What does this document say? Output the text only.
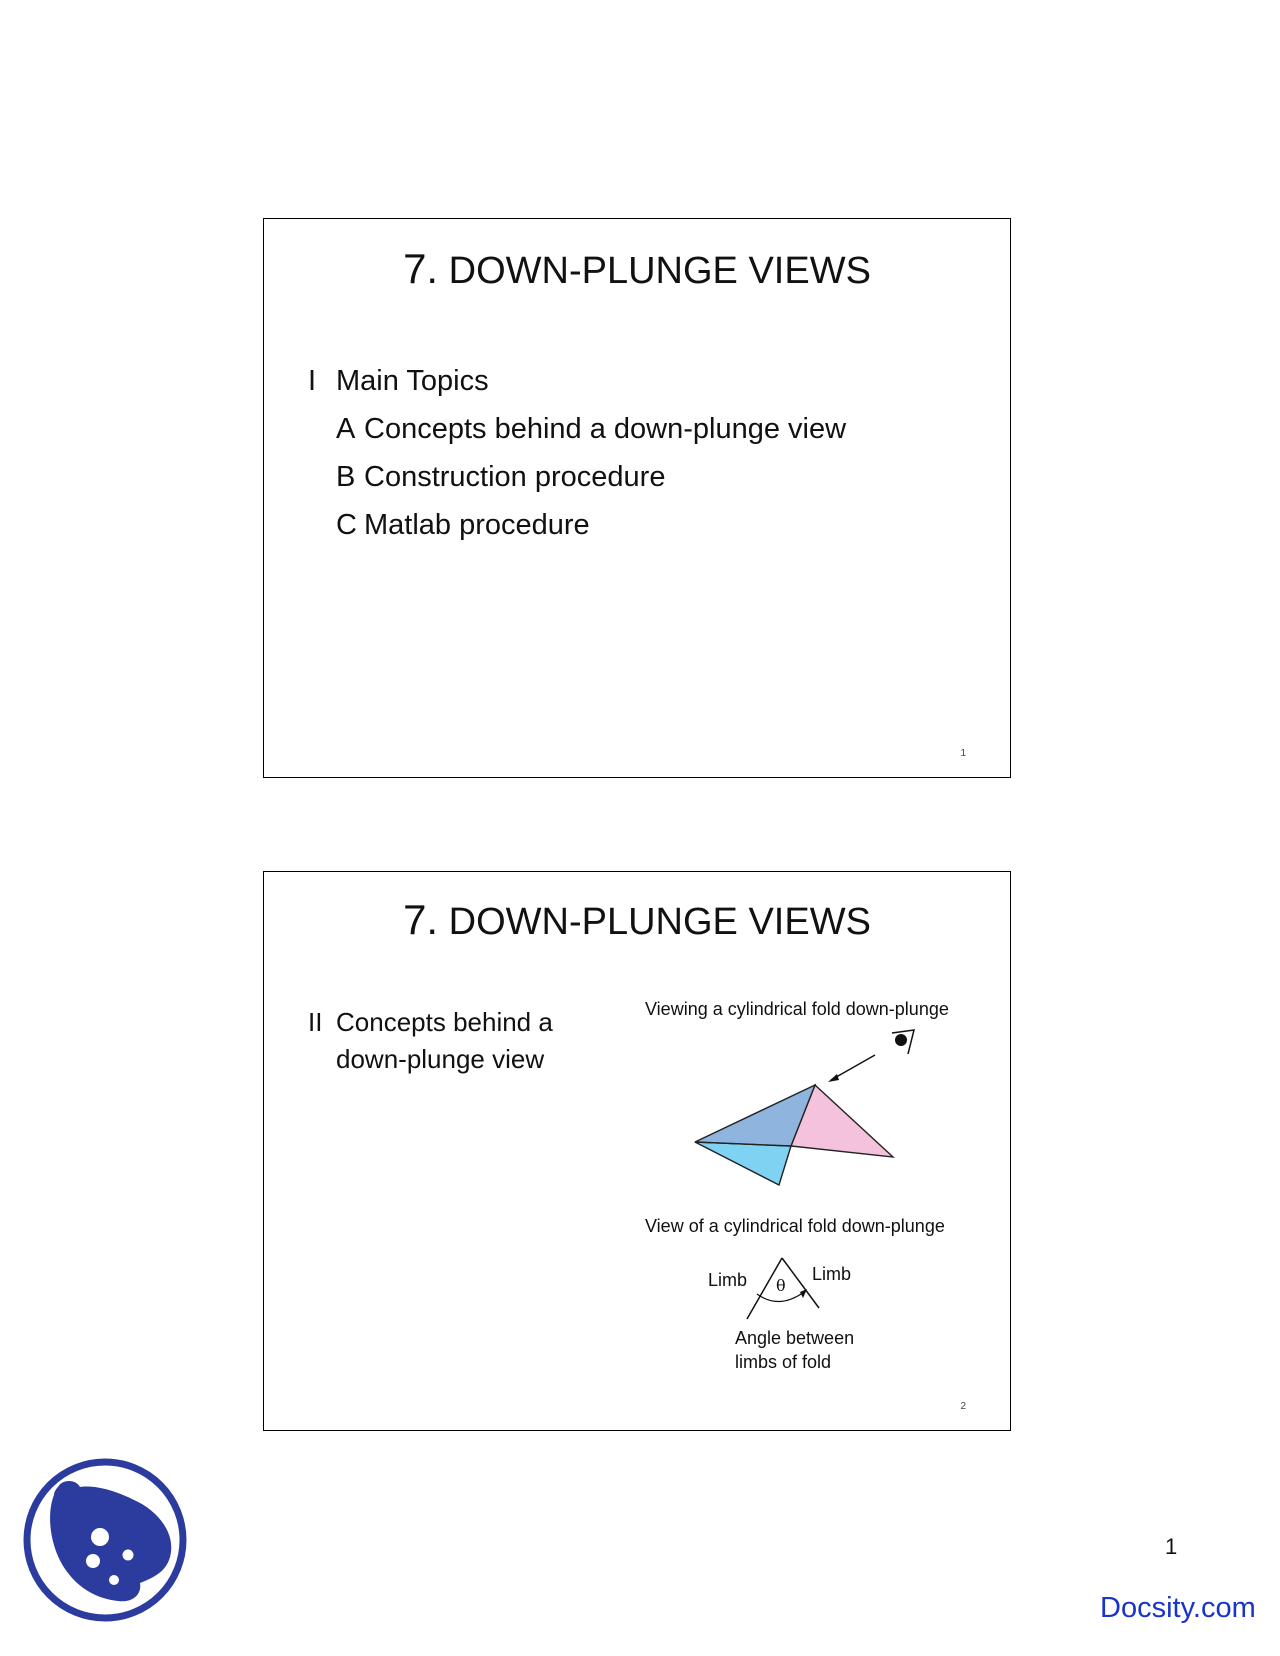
7. DOWN-PLUNGE VIEWS
I Main Topics
A Concepts behind a down-plunge view
B Construction procedure
C Matlab procedure
1
7. DOWN-PLUNGE VIEWS
II Concepts behind a
down-plunge view
Viewing a cylindrical fold down-plunge
View of a cylindrical fold down-plunge
Limb	Limb
θ
Angle between
limbs of fold
2
1
Docsity.com
